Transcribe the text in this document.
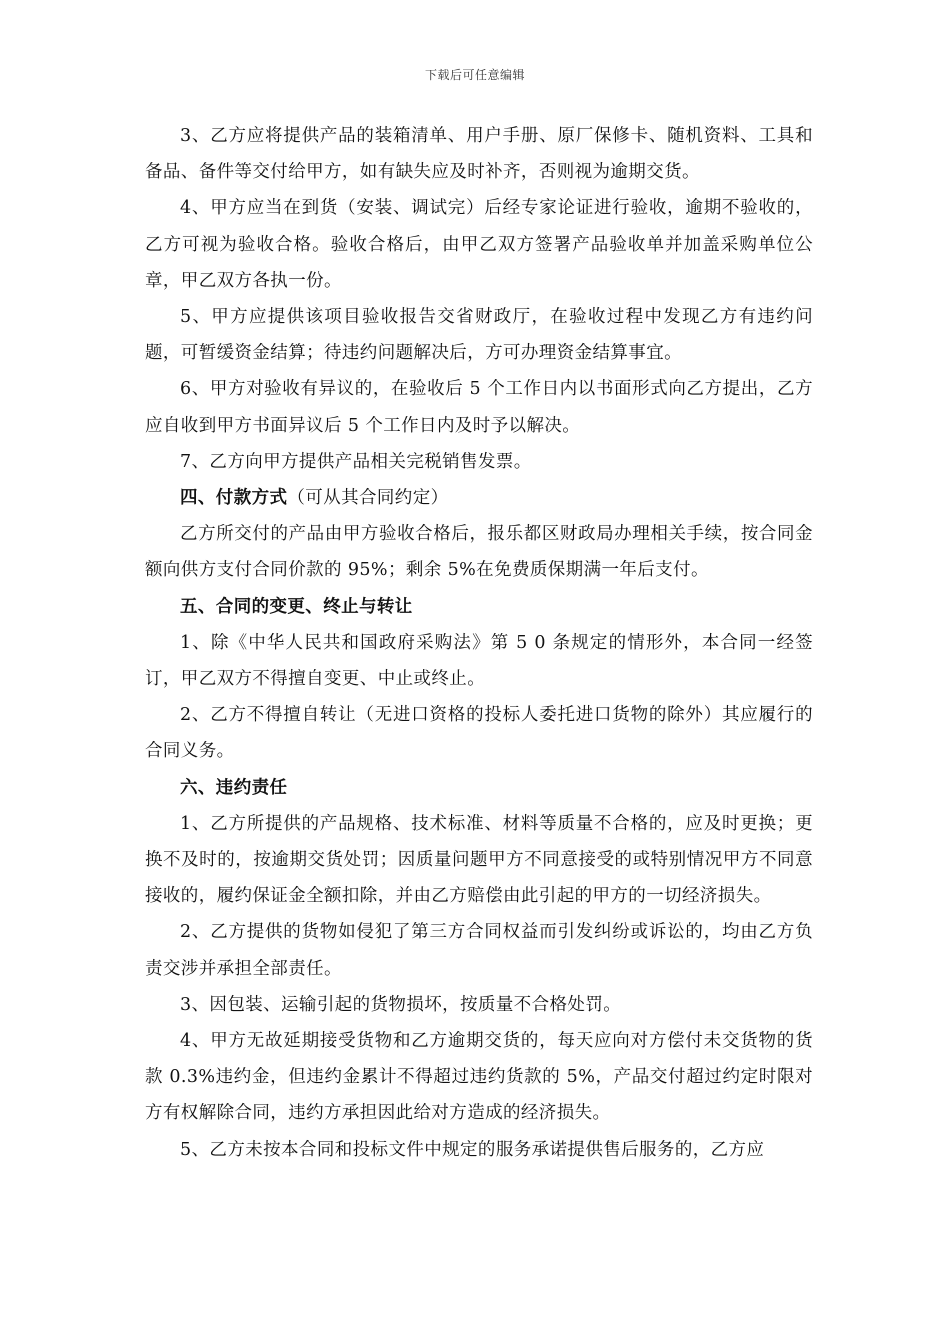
下载后可任意编辑

3、乙方应将提供产品的装箱清单、用户手册、原厂保修卡、随机资料、工具和备品、备件等交付给甲方，如有缺失应及时补齐，否则视为逾期交货。

4、甲方应当在到货（安装、调试完）后经专家论证进行验收，逾期不验收的，乙方可视为验收合格。验收合格后，由甲乙双方签署产品验收单并加盖采购单位公章，甲乙双方各执一份。

5、甲方应提供该项目验收报告交省财政厅，在验收过程中发现乙方有违约问题，可暂缓资金结算；待违约问题解决后，方可办理资金结算事宜。

6、甲方对验收有异议的，在验收后 5 个工作日内以书面形式向乙方提出，乙方应自收到甲方书面异议后 5 个工作日内及时予以解决。

7、乙方向甲方提供产品相关完税销售发票。

四、付款方式（可从其合同约定）

乙方所交付的产品由甲方验收合格后，报乐都区财政局办理相关手续，按合同金额向供方支付合同价款的 95%；剩余 5%在免费质保期满一年后支付。

五、合同的变更、终止与转让

1、除《中华人民共和国政府采购法》第 5 0 条规定的情形外，本合同一经签订，甲乙双方不得擅自变更、中止或终止。

2、乙方不得擅自转让（无进口资格的投标人委托进口货物的除外）其应履行的合同义务。

六、违约责任

1、乙方所提供的产品规格、技术标准、材料等质量不合格的，应及时更换；更换不及时的，按逾期交货处罚；因质量问题甲方不同意接受的或特别情况甲方不同意接收的，履约保证金全额扣除，并由乙方赔偿由此引起的甲方的一切经济损失。

2、乙方提供的货物如侵犯了第三方合同权益而引发纠纷或诉讼的，均由乙方负责交涉并承担全部责任。

3、因包装、运输引起的货物损坏，按质量不合格处罚。

4、甲方无故延期接受货物和乙方逾期交货的，每天应向对方偿付未交货物的货款 0.3%违约金，但违约金累计不得超过违约货款的 5%，产品交付超过约定时限对方有权解除合同，违约方承担因此给对方造成的经济损失。

5、乙方未按本合同和投标文件中规定的服务承诺提供售后服务的，乙方应
